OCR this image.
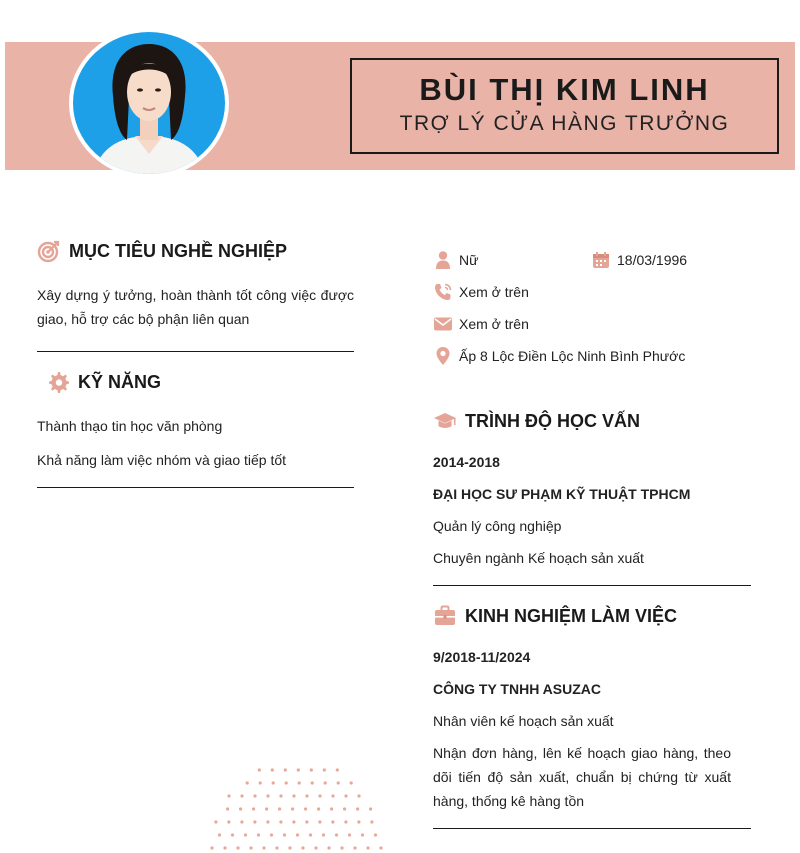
BÙI THỊ KIM LINH
TRỢ LÝ CỬA HÀNG TRƯỞNG
MỤC TIÊU NGHỀ NGHIỆP
Xây dựng ý tưởng, hoàn thành tốt công việc được giao, hỗ trợ các bộ phận liên quan
KỸ NĂNG
Thành thạo tin học văn phòng
Khả năng làm việc nhóm và giao tiếp tốt
Nữ	18/03/1996
Xem ở trên
Xem ở trên
Ấp 8 Lộc Điền Lộc Ninh Bình Phước
TRÌNH ĐỘ HỌC VẤN
2014-2018
ĐẠI HỌC SƯ PHẠM KỸ THUẬT TPHCM
Quản lý công nghiệp
Chuyên ngành Kế hoạch sản xuất
KINH NGHIỆM LÀM VIỆC
9/2018-11/2024
CÔNG TY TNHH ASUZAC
Nhân viên kế hoạch sản xuất
Nhận đơn hàng, lên kế hoạch giao hàng, theo dõi tiến độ sản xuất, chuẩn bị chứng từ xuất hàng, thống kê hàng tồn
